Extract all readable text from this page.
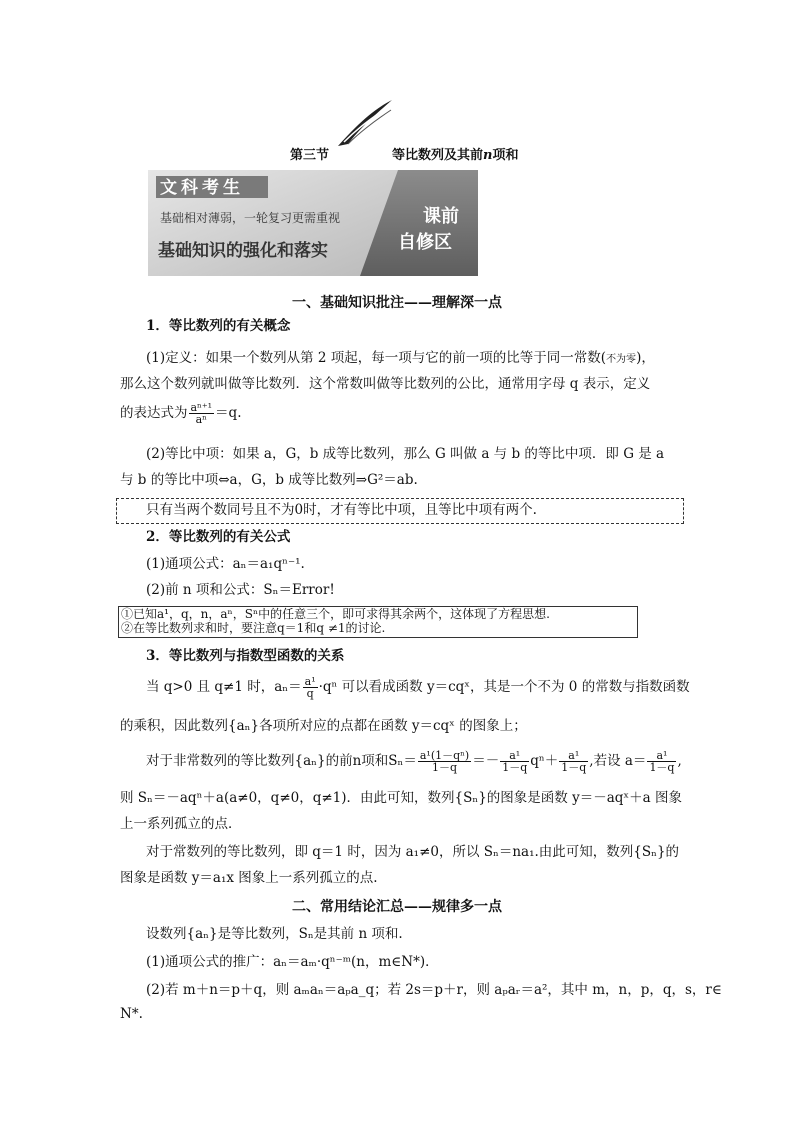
第三节	等比数列及其前n项和
文科考生
基础相对薄弱，一轮复习更需重视
基础知识的强化和落实
课前
自修区
一、基础知识批注——理解深一点
1．等比数列的有关概念
(1)定义：如果一个数列从第 2 项起，每一项与它的前一项的比等于同一常数(不为零)，
那么这个数列就叫做等比数列．这个常数叫做等比数列的公比，通常用字母 q 表示，定义
的表达式为 $\frac{\text{aⁿ⁺¹}}{\text{aⁿ}} =q$.
(2)等比中项：如果 a，G，b 成等比数列，那么 G 叫做 a 与 b 的等比中项．即 G 是 a
与 b 的等比中项⇔a，G，b 成等比数列⇒G²＝ab.
只有当两个数同号且不为0时，才有等比中项，且等比中项有两个.
2．等比数列的有关公式
(1)通项公式：aₙ＝a₁qⁿ⁻¹.
(2)前 n 项和公式：Sₙ＝Error!
①已知a¹，q，n，aⁿ，Sⁿ中的任意三个，即可求得其余两个，这体现了方程思想.
②在等比数列求和时，要注意q＝1和q ≠1的讨论.
3．等比数列与指数型函数的关系
当 q>0 且 q≠1 时，$a_n= \frac{\text{a¹}}{q} \cdot q^n$ 可以看成函数 y＝cqˣ，其是一个不为 0 的常数与指数函数
的乘积，因此数列{aₙ}各项所对应的点都在函数 y＝cqˣ 的图象上；
对于非常数列的等比数列{aₙ}的前n项和$S_n= \frac{\text{a¹(1－qⁿ)}}{1-q} =- \frac{\text{a¹}}{1-q} q^n+ \frac{\text{a¹}}{1-q}$ ,若设 $a= \frac{\text{a¹}}{1-q}$ ,
则 Sₙ＝－aqⁿ＋a(a≠0，q≠0，q≠1)．由此可知，数列{Sₙ}的图象是函数 y＝－aqˣ＋a 图象
上一系列孤立的点．
对于常数列的等比数列，即 q＝1 时，因为 a₁≠0，所以 Sₙ＝na₁.由此可知，数列{Sₙ}的
图象是函数 y＝a₁x 图象上一系列孤立的点.
二、常用结论汇总——规律多一点
设数列{aₙ}是等比数列，Sₙ是其前 n 项和.
(1)通项公式的推广：aₙ＝aₘ·qⁿ⁻ᵐ(n，m∈N*)．
(2)若 m＋n＝p＋q，则 aₘaₙ＝aₚa_q；若 2s＝p＋r，则 aₚaᵣ＝a²，其中 m，n，p，q，s，r∈
N*.
